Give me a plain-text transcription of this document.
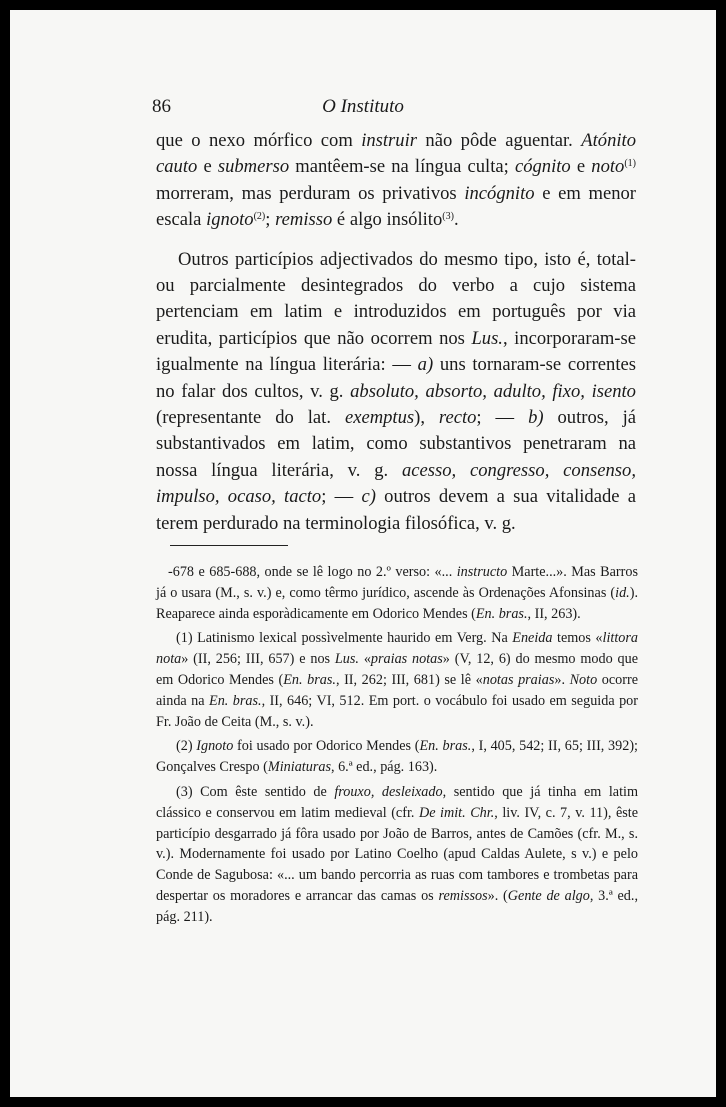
86	O Instituto

que o nexo mórfico com instruir não pôde aguentar. Atónito cauto e submerso mantêem-se na língua culta; cógnito e noto$^{(1)}$ morreram, mas perduram os privativos incógnito e em menor escala ignoto$^{(2)}$; remisso é algo insólito$^{(3)}$.

Outros particípios adjectivados do mesmo tipo, isto é, total- ou parcialmente desintegrados do verbo a cujo sistema pertenciam em latim e introduzidos em português por via erudita, particípios que não ocorrem nos Lus., incorporaram-se igualmente na língua literária: — a) uns tornaram-se correntes no falar dos cultos, v. g. absoluto, absorto, adulto, fixo, isento (representante do lat. exemptus), recto; — b) outros, já substantivados em latim, como substantivos penetraram na nossa língua literária, v. g. acesso, congresso, consenso, impulso, ocaso, tacto; — c) outros devem a sua vitalidade a terem perdurado na terminologia filosófica, v. g.

-678 e 685-688, onde se lê logo no 2.º verso: «... instructo Marte...». Mas Barros já o usara (M., s. v.) e, como têrmo jurídico, ascende às Ordenações Afonsinas (id.). Reaparece ainda esporàdicamente em Odorico Mendes (En. bras., II, 263).

(1) Latinismo lexical possìvelmente haurido em Verg. Na Eneida temos «littora nota» (II, 256; III, 657) e nos Lus. «praias notas» (V, 12, 6) do mesmo modo que em Odorico Mendes (En. bras., II, 262; III, 681) se lê «notas praias». Noto ocorre ainda na En. bras., II, 646; VI, 512. Em port. o vocábulo foi usado em seguida por Fr. João de Ceita (M., s. v.).

(2) Ignoto foi usado por Odorico Mendes (En. bras., I, 405, 542; II, 65; III, 392); Gonçalves Crespo (Miniaturas, 6.ª ed., pág. 163).

(3) Com êste sentido de frouxo, desleixado, sentido que já tinha em latim clássico e conservou em latim medieval (cfr. De imit. Chr., liv. IV, c. 7, v. 11), êste particípio desgarrado já fôra usado por João de Barros, antes de Camões (cfr. M., s. v.). Modernamente foi usado por Latino Coelho (apud Caldas Aulete, s v.) e pelo Conde de Sagubosa: «... um bando percorria as ruas com tambores e trombetas para despertar os moradores e arrancar das camas os remissos». (Gente de algo, 3.ª ed., pág. 211).
